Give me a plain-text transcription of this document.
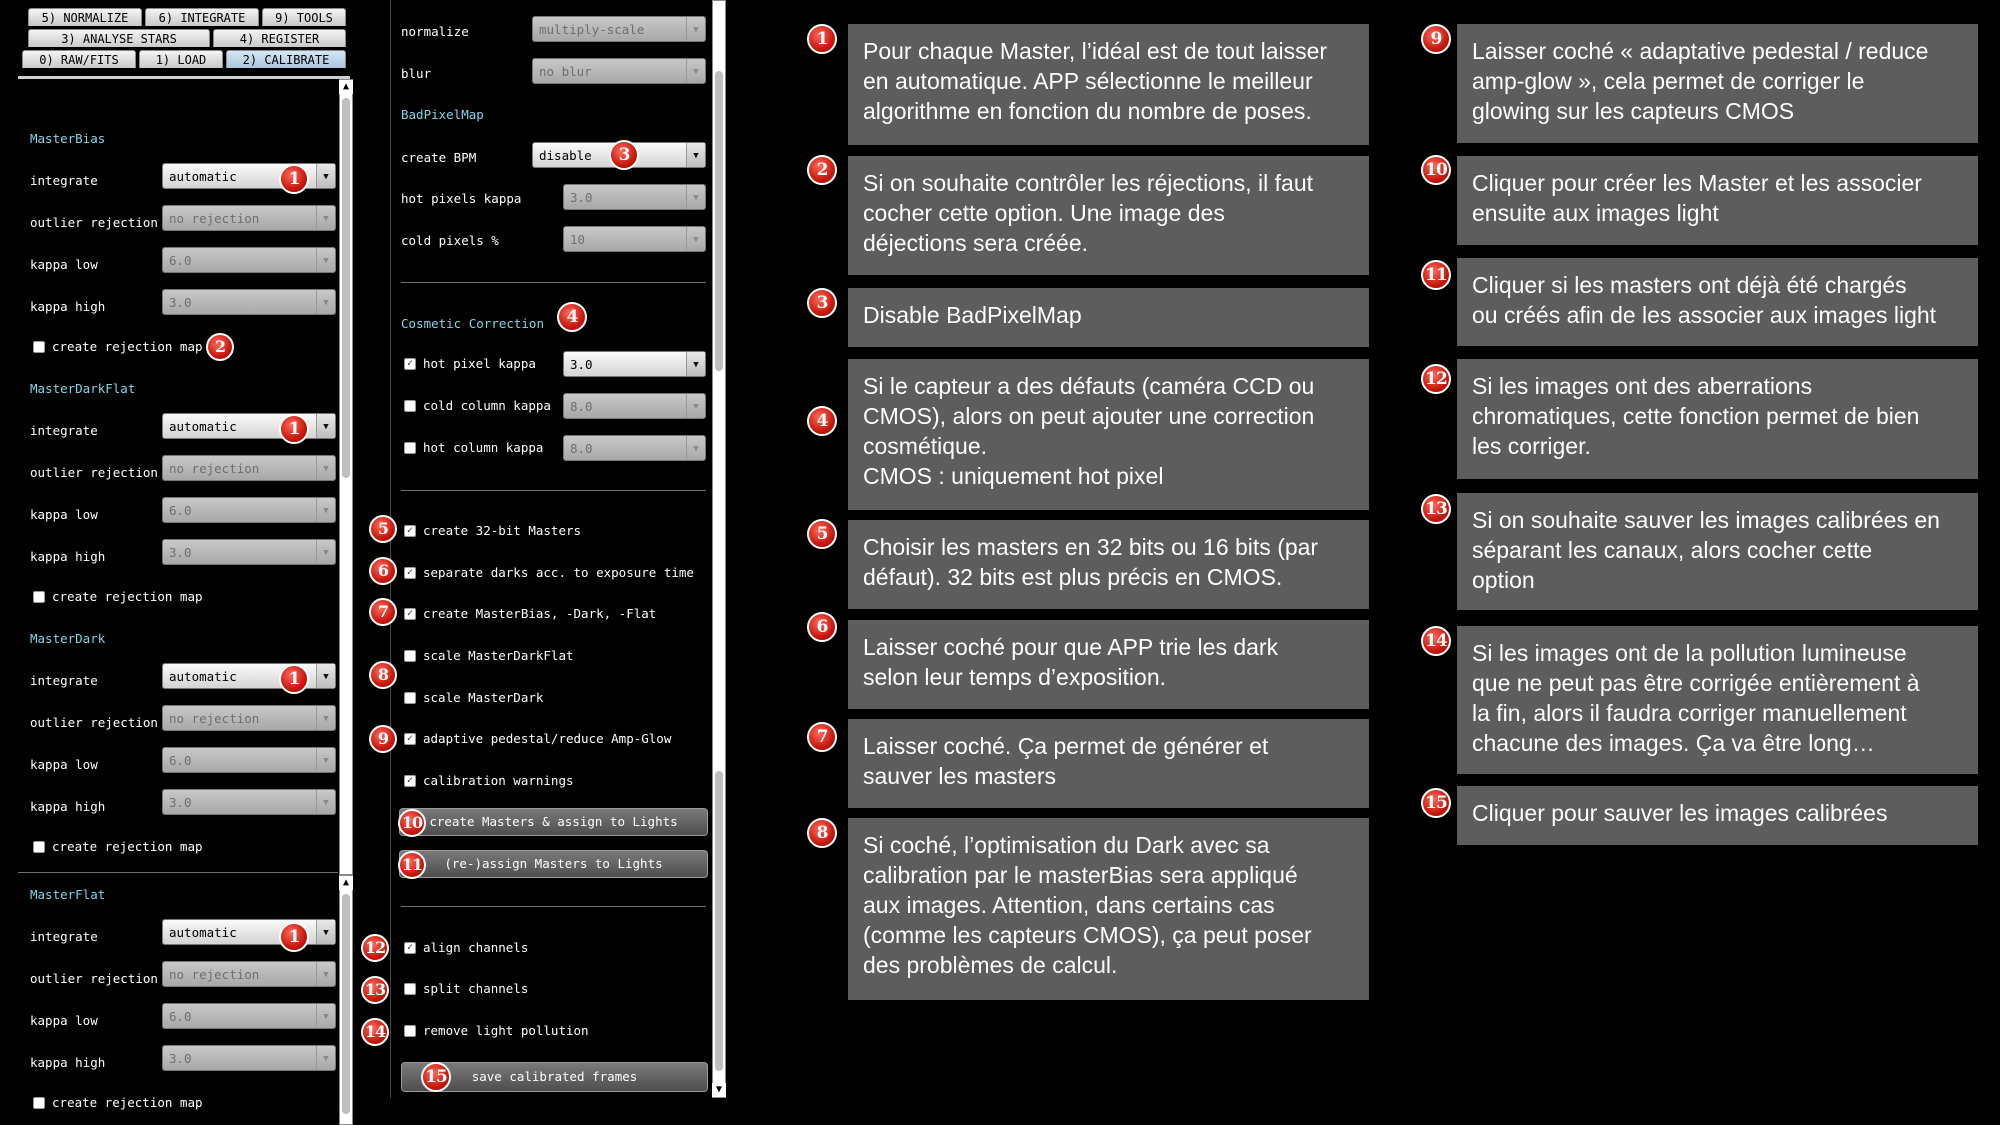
5) NORMALIZE	6) INTEGRATE	9) TOOLS
3) ANALYSE STARS	4) REGISTER
0) RAW/FITS	1) LOAD	2) CALIBRATE
MasterBias
integrate	automatic	▼
outlier rejection no rejection	▼
kappa low	6.0	▼
kappa high	3.0	▼
create rejection map
MasterDarkFlat
integrate	automatic	▼
outlier rejection no rejection	▼
kappa low	6.0	▼
kappa high	3.0	▼
create rejection map
MasterDark
integrate	automatic	▼
outlier rejection no rejection	▼
kappa low	6.0	▼
kappa high	3.0	▼
create rejection map
MasterFlat
integrate	automatic	▼
outlier rejection no rejection	▼
kappa low	6.0	▼
kappa high	3.0	▼
create rejection map
▲
▲
normalize	multiply-scale	▼
blur	no blur	▼
BadPixelMap
create BPM	disable	▼
hot pixels kappa	3.0	▼
cold pixels %	10	▼
Cosmetic Correction
✓ hot pixel kappa	3.0	▼
cold column kappa	8.0	▼
hot column kappa	8.0	▼
✓ create 32-bit Masters
✓ separate darks acc. to exposure time
✓ create MasterBias, -Dark, -Flat
scale MasterDarkFlat
scale MasterDark
✓ adaptive pedestal/reduce Amp-Glow
✓ calibration warnings
create Masters & assign to Lights
(re-)assign Masters to Lights
✓ align channels
split channels
remove light pollution
save calibrated frames
▼
1
1
1
1
2
3
4
5
6
7
8
9
10
11
12
13
14
15
1	Pour chaque Master, l’idéal est de tout laisser
en automatique. APP sélectionne le meilleur
algorithme en fonction du nombre de poses.
2	Si on souhaite contrôler les réjections, il faut
cocher cette option. Une image des
déjections sera créée.
3	Disable BadPixelMap
4
Si le capteur a des défauts (caméra CCD ou
CMOS), alors on peut ajouter une correction
cosmétique.
CMOS : uniquement hot pixel
5	Choisir les masters en 32 bits ou 16 bits (par
défaut). 32 bits est plus précis en CMOS.
6
Laisser coché pour que APP trie les dark
selon leur temps d’exposition.
7	Laisser coché. Ça permet de générer et
sauver les masters
8	Si coché, l’optimisation du Dark avec sa
calibration par le masterBias sera appliqué
aux images. Attention, dans certains cas
(comme les capteurs CMOS), ça peut poser
des problèmes de calcul.
9	Laisser coché « adaptative pedestal / reduce
amp-glow », cela permet de corriger le
glowing sur les capteurs CMOS
10	Cliquer pour créer les Master et les associer
ensuite aux images light
11	Cliquer si les masters ont déjà été chargés
ou créés afin de les associer aux images light
12	Si les images ont des aberrations
chromatiques, cette fonction permet de bien
les corriger.
13	Si on souhaite sauver les images calibrées en
séparant les canaux, alors cocher cette
option
14	Si les images ont de la pollution lumineuse
que ne peut pas être corrigée entièrement à
la fin, alors il faudra corriger manuellement
chacune des images. Ça va être long…
15	Cliquer pour sauver les images calibrées
